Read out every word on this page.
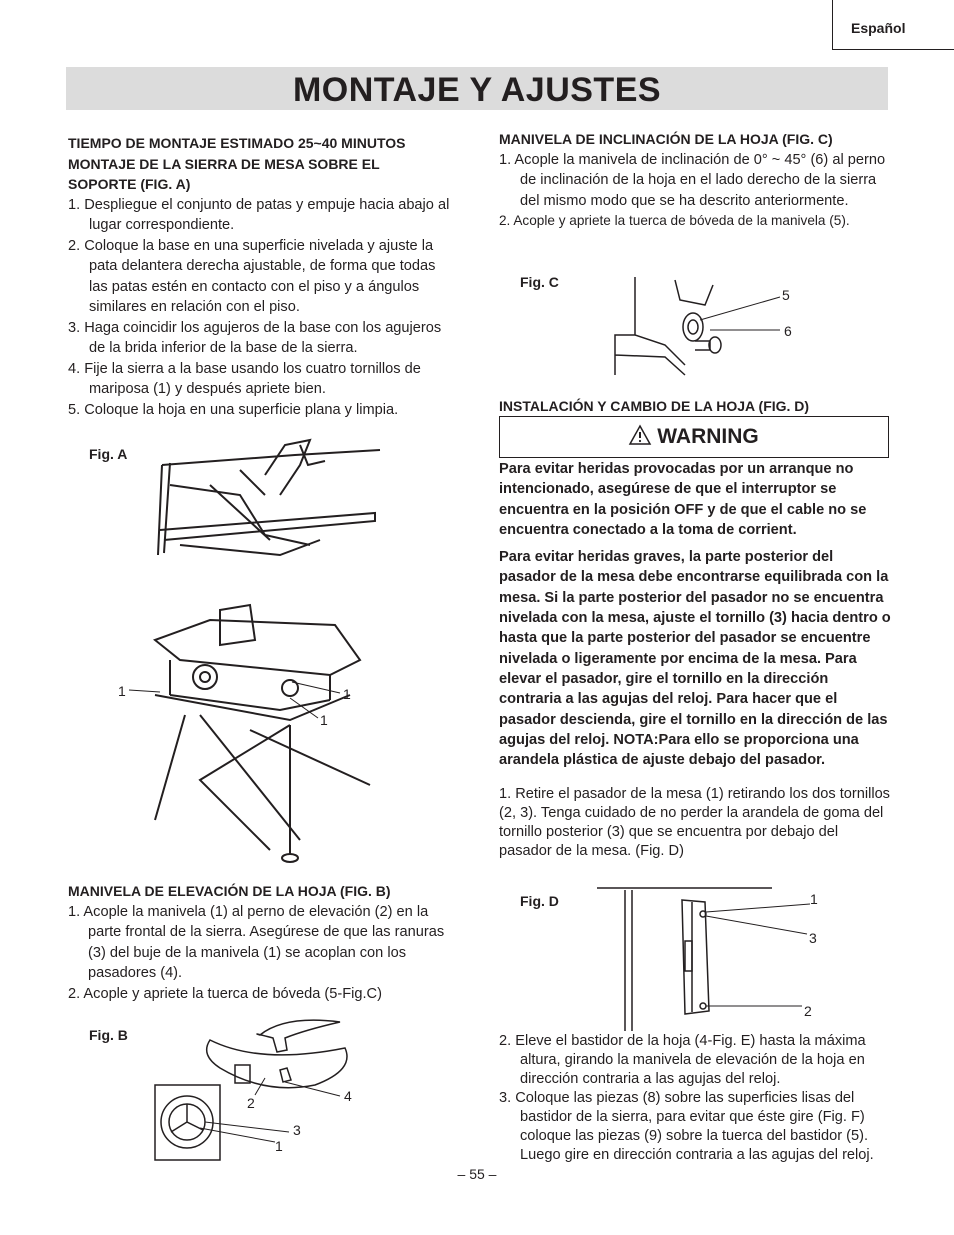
Español
MONTAJE Y AJUSTES
TIEMPO DE MONTAJE ESTIMADO 25~40 MINUTOS
MONTAJE DE LA SIERRA DE MESA SOBRE EL
SOPORTE (FIG. A)
1. Despliegue el conjunto de patas y empuje hacia abajo al lugar correspondiente.
2. Coloque la base en una superficie nivelada y ajuste la pata delantera derecha ajustable, de forma que todas las patas estén en contacto con el piso y a ángulos similares en relación con el piso.
3. Haga coincidir los agujeros de la base con los agujeros de la brida inferior de la base de la sierra.
4. Fije la sierra a la base usando los cuatro tornillos de mariposa (1) y después apriete bien.
5. Coloque la hoja en una superficie plana y limpia.
Fig. A
1	1
1
MANIVELA DE ELEVACIÓN DE LA HOJA (FIG. B)
1. Acople la manivela (1) al perno de elevación (2) en la parte frontal de la sierra. Asegúrese de que las ranuras (3) del buje de la manivela (1) se acoplan con los pasadores (4).
2. Acople y apriete la tuerca de bóveda (5-Fig.C)
Fig. B
4
2
3
1
MANIVELA DE INCLINACIÓN DE LA HOJA (FIG. C)
1. Acople la manivela de inclinación de 0° ~ 45° (6) al perno de inclinación de la hoja en el lado derecho de la sierra del mismo modo que se ha descrito anteriormente.
2. Acople y apriete la tuerca de bóveda de la manivela (5).
Fig. C
5
6
INSTALACIÓN Y CAMBIO DE LA HOJA (FIG. D)
WARNING

Para evitar heridas provocadas por un arranque no intencionado, asegúrese de que el interruptor se encuentra en la posición OFF y de que el cable no se encuentra conectado a la toma de corrient.

Para evitar heridas graves, la parte posterior del pasador de la mesa debe encontrarse equilibrada con la mesa. Si la parte posterior del pasador no se encuentra nivelada con la mesa, ajuste el tornillo (3) hacia dentro o hasta que la parte posterior del pasador se encuentre nivelada o ligeramente por encima de la mesa. Para elevar el pasador, gire el tornillo en la dirección contraria a las agujas del reloj. Para hacer que el pasador descienda, gire el tornillo en la dirección de las agujas del reloj. NOTA:Para ello se proporciona una arandela plástica de ajuste debajo del pasador.

1. Retire el pasador de la mesa (1) retirando los dos tornillos (2, 3). Tenga cuidado de no perder la arandela de goma del tornillo posterior (3) que se encuentra por debajo del pasador de la mesa. (Fig. D)

Fig. D	1
3
2
2. Eleve el bastidor de la hoja (4-Fig. E) hasta la máxima altura, girando la manivela de elevación de la hoja en dirección contraria a las agujas del reloj.
3. Coloque las piezas (8) sobre las superficies lisas del bastidor de la sierra, para evitar que éste gire (Fig. F) coloque las piezas (9) sobre la tuerca del bastidor (5). Luego gire en dirección contraria a las agujas del reloj.
– 55 –
